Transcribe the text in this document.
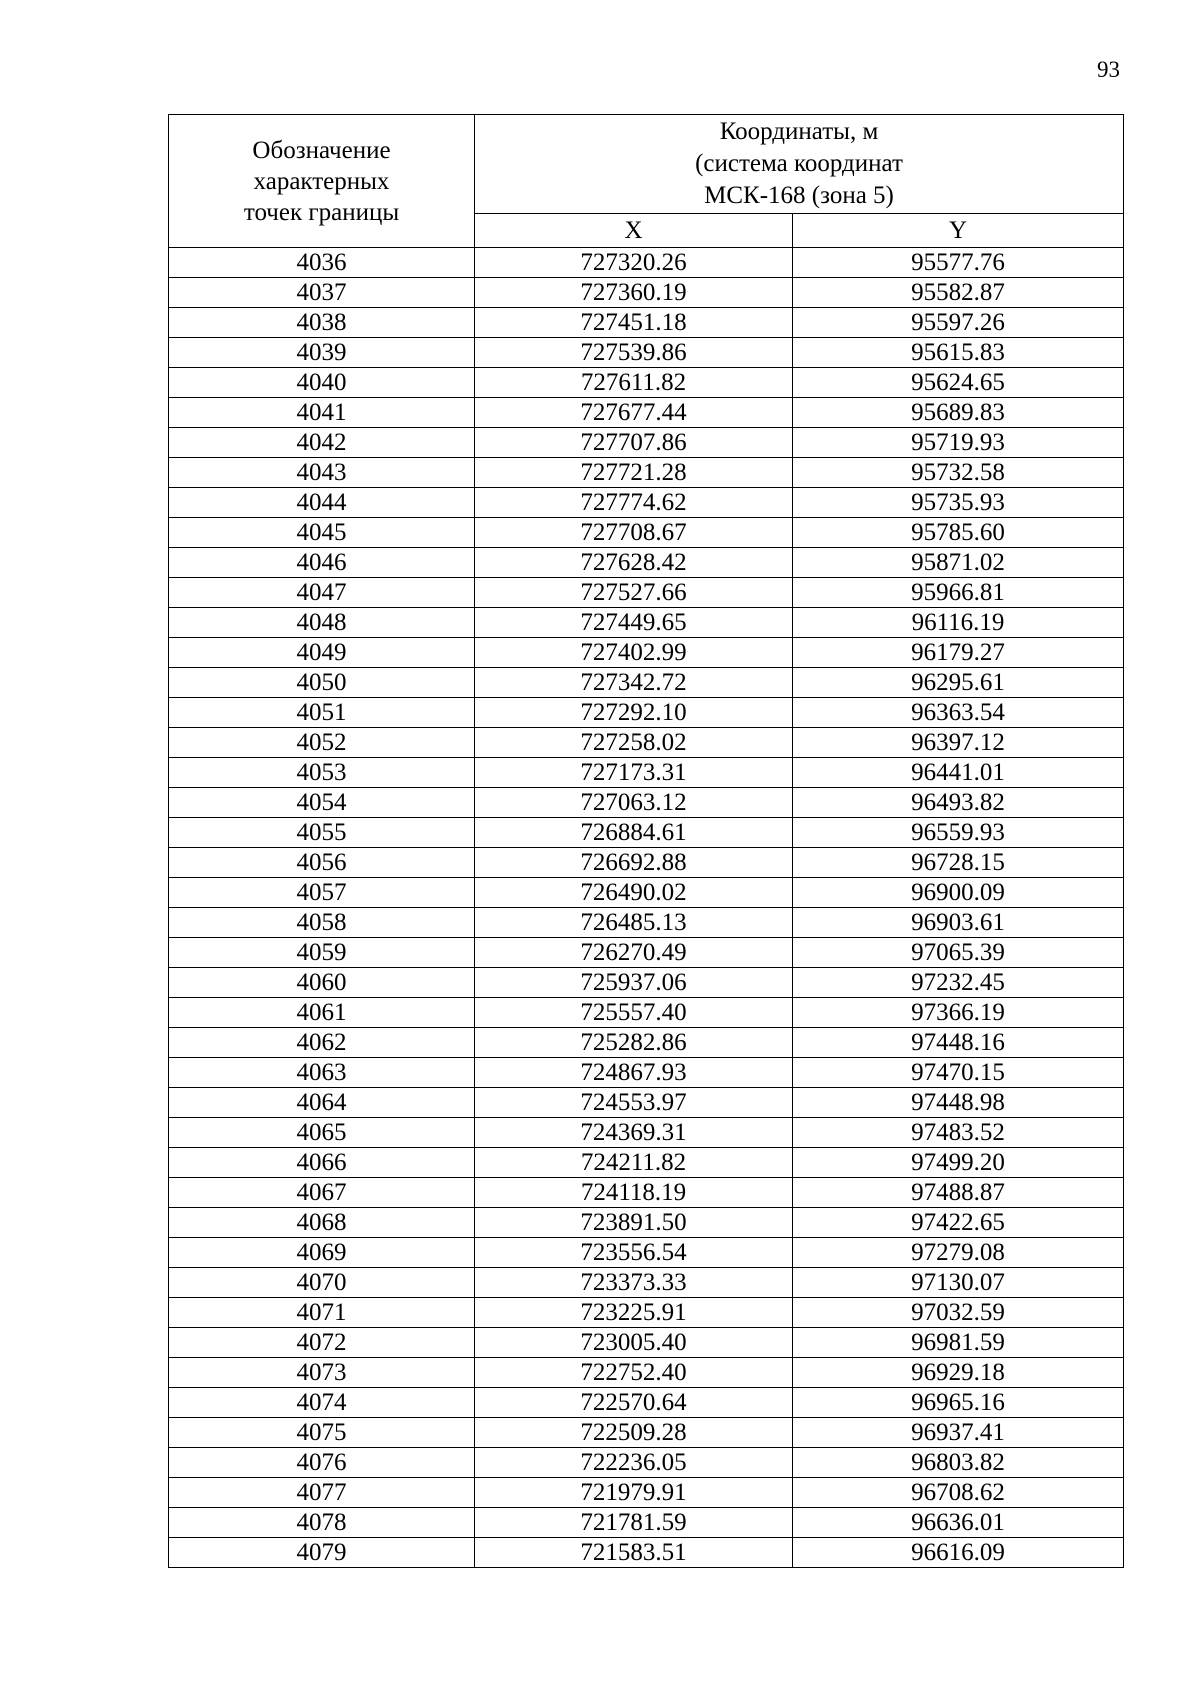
93
Обозначение
характерных
точек границы	Координаты, м
(система координат
МСК-168 (зона 5)	

	X	Y
4036	727320.26	95577.76
4037	727360.19	95582.87
4038	727451.18	95597.26
4039	727539.86	95615.83
4040	727611.82	95624.65
4041	727677.44	95689.83
4042	727707.86	95719.93
4043	727721.28	95732.58
4044	727774.62	95735.93
4045	727708.67	95785.60
4046	727628.42	95871.02
4047	727527.66	95966.81
4048	727449.65	96116.19
4049	727402.99	96179.27
4050	727342.72	96295.61
4051	727292.10	96363.54
4052	727258.02	96397.12
4053	727173.31	96441.01
4054	727063.12	96493.82
4055	726884.61	96559.93
4056	726692.88	96728.15
4057	726490.02	96900.09
4058	726485.13	96903.61
4059	726270.49	97065.39
4060	725937.06	97232.45
4061	725557.40	97366.19
4062	725282.86	97448.16
4063	724867.93	97470.15
4064	724553.97	97448.98
4065	724369.31	97483.52
4066	724211.82	97499.20
4067	724118.19	97488.87
4068	723891.50	97422.65
4069	723556.54	97279.08
4070	723373.33	97130.07
4071	723225.91	97032.59
4072	723005.40	96981.59
4073	722752.40	96929.18
4074	722570.64	96965.16
4075	722509.28	96937.41
4076	722236.05	96803.82
4077	721979.91	96708.62
4078	721781.59	96636.01
4079	721583.51	96616.09
